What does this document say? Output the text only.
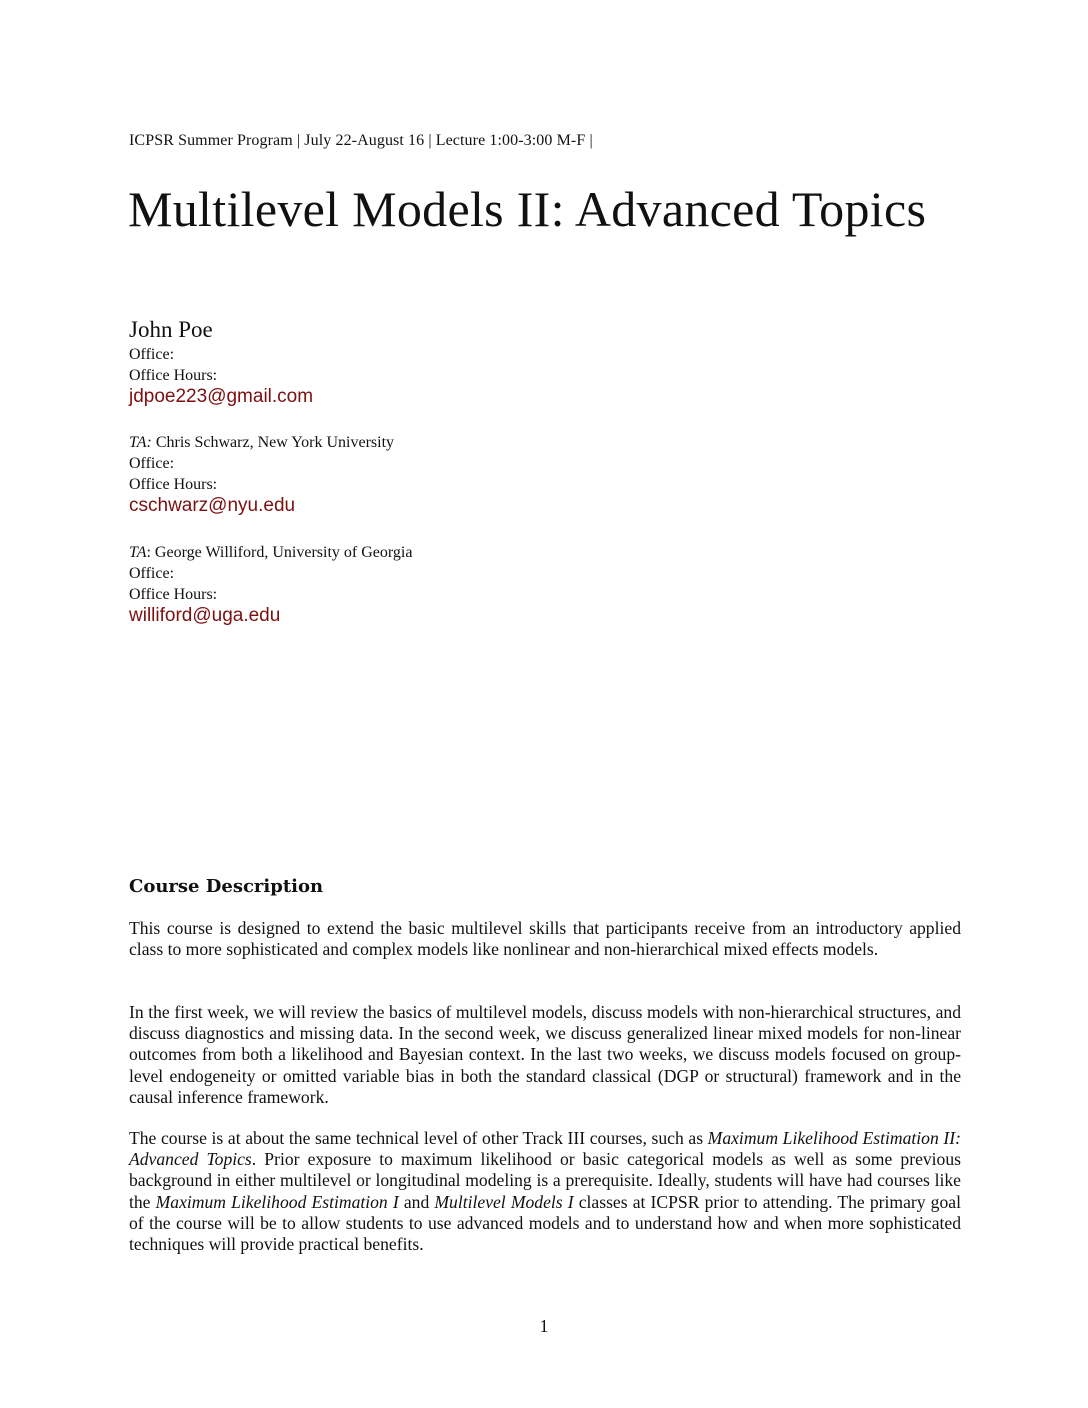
ICPSR Summer Program | July 22-August 16 | Lecture 1:00-3:00 M-F |
Multilevel Models II: Advanced Topics
John Poe
Office:
Office Hours:
jdpoe223@gmail.com
TA: Chris Schwarz, New York University
Office:
Office Hours:
cschwarz@nyu.edu
TA: George Williford, University of Georgia
Office:
Office Hours:
williford@uga.edu
Course Description

This course is designed to extend the basic multilevel skills that participants receive from an introductory applied class to more sophisticated and complex models like nonlinear and non-hierarchical mixed effects models.

In the first week, we will review the basics of multilevel models, discuss models with non-hierarchical structures, and discuss diagnostics and missing data. In the second week, we discuss generalized linear mixed models for non-linear outcomes from both a likelihood and Bayesian context. In the last two weeks, we discuss models focused on group-level endogeneity or omitted variable bias in both the standard classical (DGP or structural) framework and in the causal inference framework.

The course is at about the same technical level of other Track III courses, such as Maximum Likelihood Estimation II: Advanced Topics. Prior exposure to maximum likelihood or basic categorical models as well as some previous background in either multilevel or longitudinal modeling is a prerequisite. Ideally, students will have had courses like the Maximum Likelihood Estimation I and Multilevel Models I classes at ICPSR prior to attending. The primary goal of the course will be to allow students to use advanced models and to understand how and when more sophisticated techniques will provide practical benefits.

1
